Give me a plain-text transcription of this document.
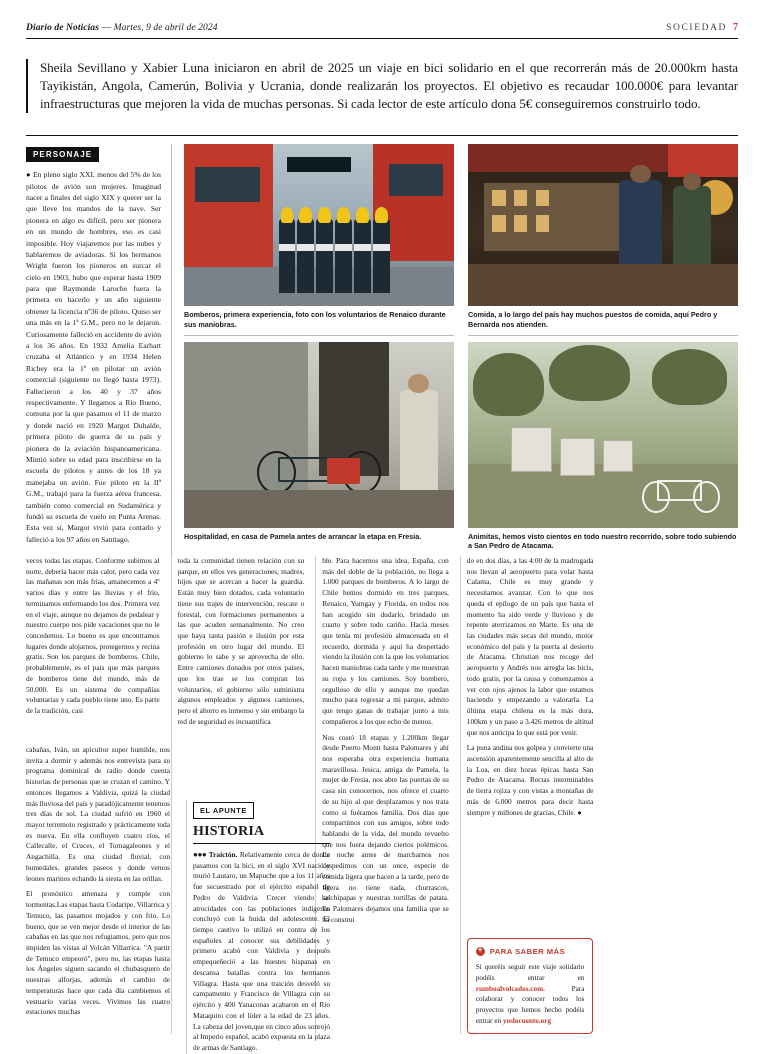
Diario de Noticias — Martes, 9 de abril de 2024	SOCIEDAD 7
Sheila Sevillano y Xabier Luna iniciaron en abril de 2025 un viaje en bici solidario en el que recorrerán más de 20.000km hasta Tayikistán, Angola, Camerún, Bolivia y Ucrania, donde realizarán los proyectos. El objetivo es recaudar 100.000€ para levantar infraestructuras que mejoren la vida de muchas personas. Si cada lector de este artículo dona 5€ conseguiremos construirlo todo.
PERSONAJE

● En pleno siglo XXI, menos del 5% de los pilotos de avión son mujeres. Imaginad nacer a finales del siglo XIX y querer ser la que lleve los mandos de la nave. Ser pionera en algo es difícil, pero ser pionera en un mundo de hombres, eso es casi imposible. Hoy viajaremos por las nubes y hablaremos de aviadoras. Si los hermanos Wright fueron los pioneros en surcar el cielo en 1903, hubo que esperar hasta 1909 para que Raymonde Laroche fuera la primera en hacerlo y un año siguiente obtener la licencia nº36 de piloto. Quiso ser una más en la 1ª G.M., pero no le dejaron. Curiosamente falleció en accidente de avión a los 36 años. En 1932 Amelia Earhart cruzaba el Atlántico y en 1934 Helen Richey era la 1ª en pilotar un avión comercial (siguiente no llegó hasta 1973). Fallecieron a los 40 y 37 años respectivamente. Y llegamos a Río Bueno, comuna por la que pasamos el 11 de marzo y donde nació en 1920 Margot Duhalde, primera piloto de guerra de su país y pionera de la aviación hispanoamericana. Mintió sobre su edad para inscribirse en la escuela de pilotos y antes de los 18 ya manejaba un avión. Fue piloto en la IIª G.M., trabajó para la fuerza aérea francesa, también como comercial en Sudamérica y fundó su escuela de vuelo en Punta Arenas. Esta vez sí, Margot vivió para contarlo y falleció a los 97 años en Santiago.

Bomberos, primera experiencia, foto con los voluntarios de Renaico durante sus maniobras.
Comida, a lo largo del país hay muchos puestos de comida, aquí Pedro y Bernarda nos atienden.
Hospitalidad, en casa de Pamela antes de arrancar la etapa en Fresia.	Animitas, hemos visto cientos en todo nuestro recorrido, sobre todo subiendo a San Pedro de Atacama.

veces todas las etapas. Conforme subimos al norte, debería hacer más calor, pero cada vez las mañanas son más frías, amanecemos a 4º varios días y entre las lluvias y el frío, terminamos enfermando los dos. Primera vez en el viaje, aunque no dejamos de pedalear y nuestro cuerpo nos pide vacaciones que no le concedemos. Lo bueno es que encontramos lugares donde alojarnos, protegernos y recina gratis. Son los parques de bomberos. Chile, probablemente, es el país que más parques de bomberos tiene del mundo, más de 50.000. Es un sistema de compañías voluntarias y cada pueblo tiene uno. Es parte de la tradición, casi

toda la comunidad tienen relación con su parque, en ellos ves generaciones, madres, hijos que se acercan a hacer la guardia. Están muy bien dotados, cada voluntario tiene sus trajes de intervención, rescate o forestal, con formaciones permanentes a las que acuden semanalmente. No creo que haya tanta pasión e ilusión por esta profesión en otro lugar del mundo. El gobierno lo sabe y se aprovecha de ello. Entre camiones donados por otros países, que los trae se los compran los voluntarios, el gobierno sólo suministra algunos empleados y algunos camiones, pero el ahorro es inmenso y sin embargo la red de seguridad es incuantifica

ble. Para hacernos una idea, España, con más del doble de la población, no llega a 1.000 parques de bomberos. A lo largo de Chile hemos dormido en tres parques, Renaico, Yumgay y Florida, en todos nos han acogido sin dudarlo, brindado un cuarto y sobre todo cariño. Hacía meses que tenía mi profesión almacenada en el recuerdo, dormida y aquí ha despertado viendo la ilusión con la que los voluntarios hacen maniobras cada tarde y me muestran su ropa y los camiones. Soy bombero, orgulloso de ello y aunque me quedan mucho para regresar a mi parque, admito que tengo ganas de trabajar junto a mis compañeros a los que echo de menos.

Nos costó 18 etapas y 1.200km llegar desde Puerto Montt hasta Palomares y ahí nos esperaba otra experiencia humana maravillosa. Jesica, amiga de Pamela, la mujer de Fresia, nos abre las puertas de su casa sin conocernos, nos ofrece el cuarto de su hijo al que desplazamos y nos trata como si fuéramos familia. Dos días que compartimos con sus amigos, sobre todo hablando de la vida, del mundo revuelto que nos fuera dejando ciertos polémicos. La noche antes de marcharnos nos despedimos con un once, especie de comida ligera que hacen a la tarde, pero de ligera no tiene nada, churrascos, salchipapas y nuestras tortillas de patata. En Palomares dejamos una familia que se ha construi

do en dos días, a las 4:00 de la madrugada nos llevan al aeropuerto para volar hasta Calama, Chile es muy grande y necesitamos avanzar. Con lo que nos queda el epílogo de un país que hasta el momento ha sido verde y lluvioso y de repente aterrizamos en Marte. Es una de las ciudades más secas del mundo, motor económico del país y la puerta al desierto de Atacama. Christian nos recoge del aeropuerto y Andrés nos arregla las bicis, todo gratis, por la causa y comenzamos a ver con ojos ajenos la labor que estamos haciendo y empezando a valorarla. La última etapa chilena es la más dura, 100km y un paso a 3.426 metros de altitud que nos anticipa lo que está por venir.

La puna andina nos golpea y convierte una ascensión aparentemente sencilla al alto de la Loa, en diez horas épicas hasta San Pedro de Atacama. Rectas interminables de tierra rojiza y con vistas a montañas de más de 6.000 metros para decir hasta siempre y millones de gracias, Chile. ●

+
PARA SABER MÁS
Si queréis seguir este viaje solidario podéis entrar en rumboalvolcados.com.	Para colaborar y conocer todos los proyectos que hemos hecho podéis entrar en yoslocuento.org

cabañas, Iván, un apicultor super humilde, nos invita a dormir y además nos entrevista para su programa dominical de radio donde cuenta historias de personas que se cruzan el camino. Y entonces llegamos a Valdivia, quizá la ciudad más lluviosa del país y paradójicamente tenemos tres días de sol. La ciudad sufrió en 1960 el mayor terremoto registrado y prácticamente toda es nueva. En ella confluyen cuatro ríos, el Callecalle, el Cruces, el Tornagaleones y el Angachilla. Es una ciudad fluvial, con humedales, grandes paseos y donde vemos leones marinos echando la siesta en las orillas.

El pronóstico amenaza y cumple con tormentas.Las etapas hasta Codaripe, Villarrica y Temuco, las pasamos mojados y con frío. Lo bueno, que se ven mejor desde el interior de las cabañas en las que nos refugiamos, pero que nos impiden las vistas al Volcán Villarrica. "A partir de Temuco empeoró", pero no, las etapas hasta los Ángeles siguen sacando el chubasquero de nuestras alforjas, además el cambio de temperaturas hace que cada día cambiemos el vestuario varias veces. Vivimos las cuatro estaciones muchas

EL APUNTE
HISTORIA
●●● Traictón. Relativamente cerca de donde pasamos con la bici, en el siglo XVI nació y murió Lautaro, un Mapuche que a los 11 años fue secuestrado por el ejército español de Pedro de Valdivia. Crecer viendo las atrocidades con las poblaciones indígenas concluyó con la huida del adolescente. El tiempo cautivo lo utilizó en contra de los españoles al conocer sus debilidades y primero acabó con Valdivia y después empequeñeció a las huestes hispanas en descansa batallas contra los hermanos Villagra. Hasta que una traición desveló su campamento y Francisco de Villagra con su ejército y 400 Yanaconas acabaron en el Río Mataquito con el líder a la edad de 23 años. La cabeza del joven,que en cinco años sonrojó al Imperio español, acabó expuesta en la plaza de armas de Santiago.
